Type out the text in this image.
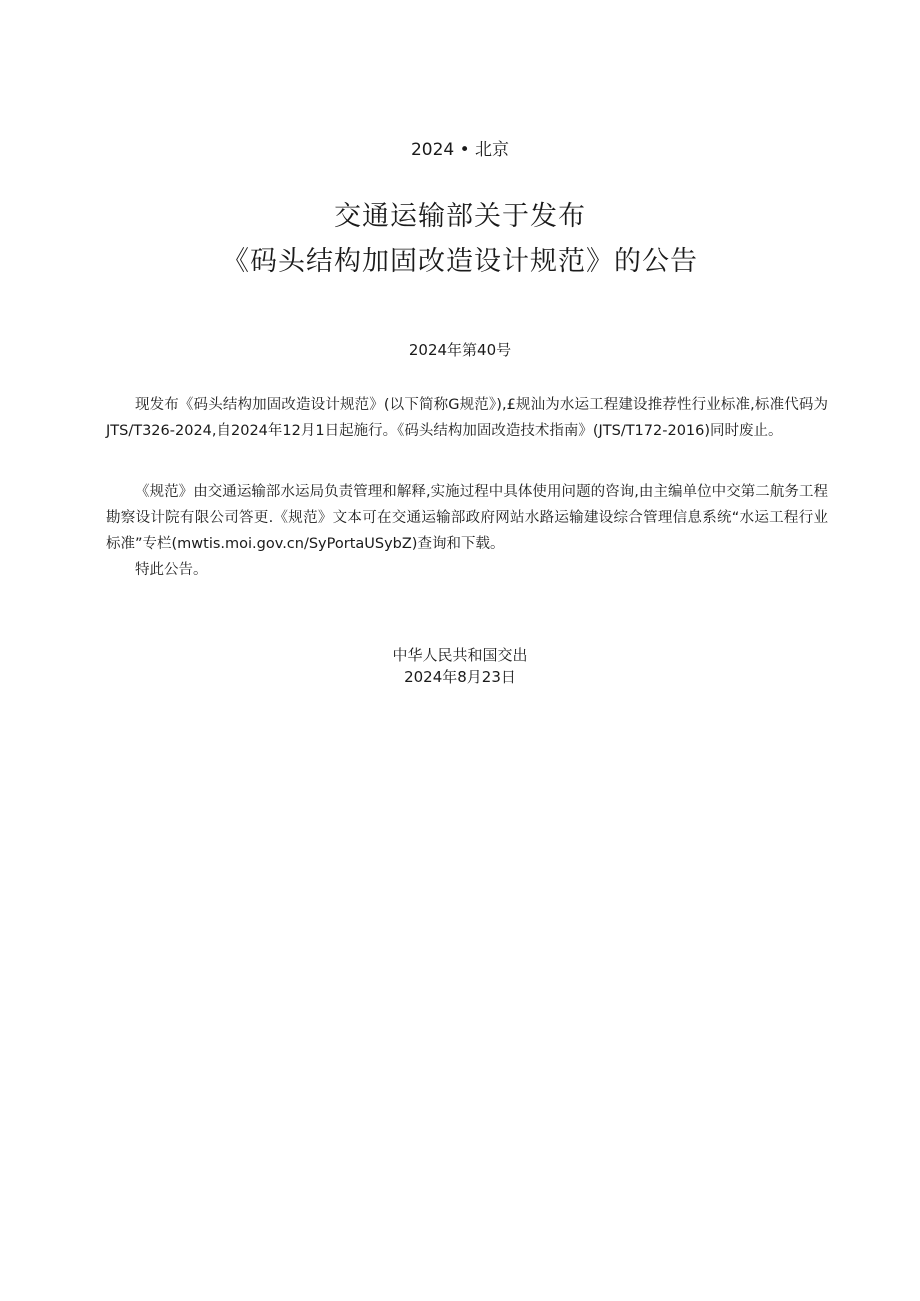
2024 • 北京
交通运输部关于发布
《码头结构加固改造设计规范》的公告
2024年第40号

现发布《码头结构加固改造设计规范》(以下简称G规范》),£规汕为水运工程建设推荐性行业标准,标准代码为JTS/T326-2024,自2024年12月1日起施行。《码头结构加固改造技术指南》(JTS/T172-2016)同时废止。

《规范》由交通运输部水运局负责管理和解释,实施过程中具体使用问题的咨询,由主编单位中交第二航务工程勘察设计院有限公司答更.《规范》文本可在交通运输部政府网站水路运输建设综合管理信息系统“水运工程行业标准”专栏(mwtis.moi.gov.cn/SyPortaUSybZ)查询和下载。

特此公告。

中华人民共和国交出
2024年8月23日
